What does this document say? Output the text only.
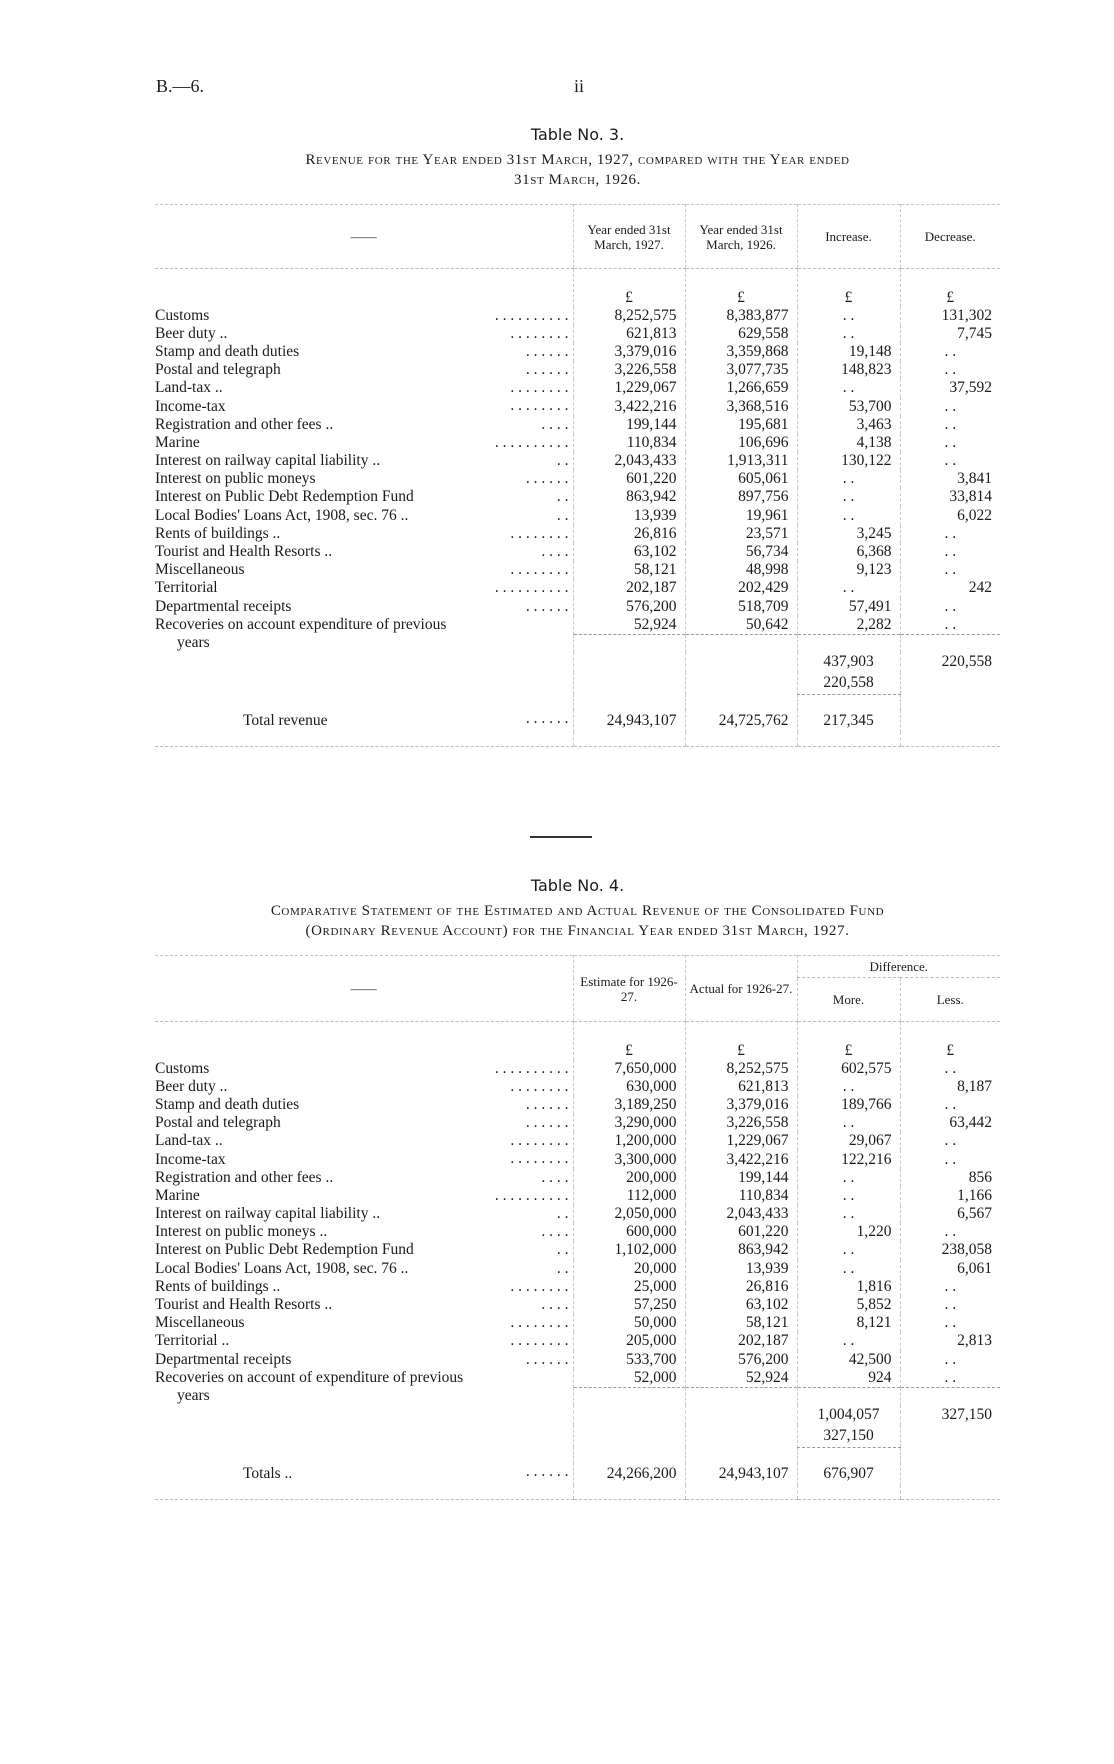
B.—6.	ii
Table No. 3.
Revenue for the Year ended 31st March, 1927, compared with the Year ended
31st March, 1926.
——	Year ended 31st March, 1927.	Year ended 31st March, 1926.	Increase.	Decrease.
	£	£	£	£
Customs . . . . . . . . . .	8,252,575	8,383,877	. .	131,302
Beer duty .. . . . . . . . .	621,813	629,558	. .	7,745
Stamp and death duties . . . . . .	3,379,016	3,359,868	19,148	. .
Postal and telegraph . . . . . .	3,226,558	3,077,735	148,823	. .
Land-tax .. . . . . . . . .	1,229,067	1,266,659	. .	37,592
Income-tax . . . . . . . .	3,422,216	3,368,516	53,700	. .
Registration and other fees .. . . . .	199,144	195,681	3,463	. .
Marine . . . . . . . . . .	110,834	106,696	4,138	. .
Interest on railway capital liability .. . .	2,043,433	1,913,311	130,122	. .
Interest on public moneys . . . . . .	601,220	605,061	. .	3,841
Interest on Public Debt Redemption Fund . .	863,942	897,756	. .	33,814
Local Bodies' Loans Act, 1908, sec. 76 .. . .	13,939	19,961	. .	6,022
Rents of buildings .. . . . . . . . .	26,816	23,571	3,245	. .
Tourist and Health Resorts .. . . . .	63,102	56,734	6,368	. .
Miscellaneous . . . . . . . .	58,121	48,998	9,123	. .
Territorial . . . . . . . . . .	202,187	202,429	. .	242
Departmental receipts . . . . . .	576,200	518,709	57,491	. .
Recoveries on account expenditure of previous	52,924	50,642	2,282	. .
years				
			437,903	220,558
			220,558	

Total revenue . . . . . .	24,943,107	24,725,762	217,345	

Table No. 4.
Comparative Statement of the Estimated and Actual Revenue of the Consolidated Fund
(Ordinary Revenue Account) for the Financial Year ended 31st March, 1927.
——	Estimate for 1926-27.	Actual for 1926-27.	Difference.	
			More.	Less.
	£	£	£	£
Customs . . . . . . . . . .	7,650,000	8,252,575	602,575	. .
Beer duty .. . . . . . . . .	630,000	621,813	. .	8,187
Stamp and death duties . . . . . .	3,189,250	3,379,016	189,766	. .
Postal and telegraph . . . . . .	3,290,000	3,226,558	. .	63,442
Land-tax .. . . . . . . . .	1,200,000	1,229,067	29,067	. .
Income-tax . . . . . . . .	3,300,000	3,422,216	122,216	. .
Registration and other fees .. . . . .	200,000	199,144	. .	856
Marine . . . . . . . . . .	112,000	110,834	. .	1,166
Interest on railway capital liability .. . .	2,050,000	2,043,433	. .	6,567
Interest on public moneys .. . . . .	600,000	601,220	1,220	. .
Interest on Public Debt Redemption Fund . .	1,102,000	863,942	. .	238,058
Local Bodies' Loans Act, 1908, sec. 76 .. . .	20,000	13,939	. .	6,061
Rents of buildings .. . . . . . . . .	25,000	26,816	1,816	. .
Tourist and Health Resorts .. . . . .	57,250	63,102	5,852	. .
Miscellaneous . . . . . . . .	50,000	58,121	8,121	. .
Territorial .. . . . . . . . .	205,000	202,187	. .	2,813
Departmental receipts . . . . . .	533,700	576,200	42,500	. .
Recoveries on account of expenditure of previous	52,000	52,924	924	. .
years				
			1,004,057	327,150
			327,150	

Totals .. . . . . . .	24,266,200	24,943,107	676,907	
